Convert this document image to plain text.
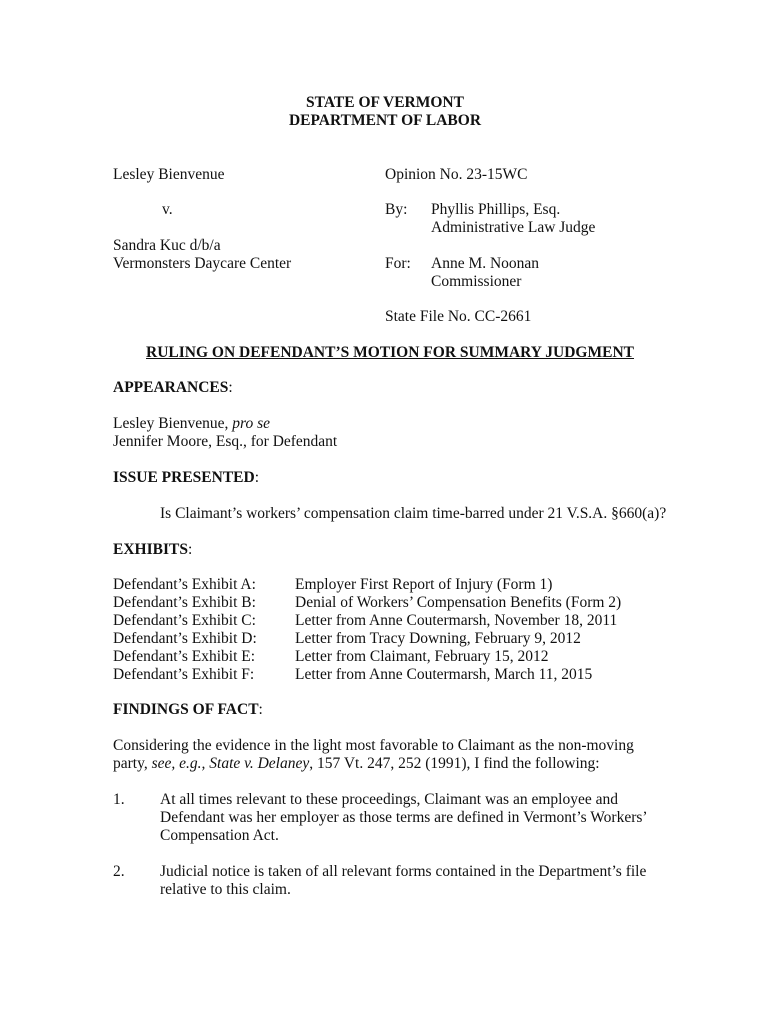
STATE OF VERMONT
DEPARTMENT OF LABOR
Lesley Bienvenue
v.
Sandra Kuc d/b/a
Vermonsters Daycare Center
Opinion No. 23-15WC
By: Phyllis Phillips, Esq.
Administrative Law Judge
For: Anne M. Noonan
Commissioner
State File No. CC-2661
RULING ON DEFENDANT’S MOTION FOR SUMMARY JUDGMENT
APPEARANCES:
Lesley Bienvenue, pro se
Jennifer Moore, Esq., for Defendant
ISSUE PRESENTED:
Is Claimant’s workers’ compensation claim time-barred under 21 V.S.A. §660(a)?
EXHIBITS:
Defendant’s Exhibit A:	Employer First Report of Injury (Form 1)
Defendant’s Exhibit B:	Denial of Workers’ Compensation Benefits (Form 2)
Defendant’s Exhibit C:	Letter from Anne Coutermarsh, November 18, 2011
Defendant’s Exhibit D: Letter from Tracy Downing, February 9, 2012
Defendant’s Exhibit E:	Letter from Claimant, February 15, 2012
Defendant’s Exhibit F:	Letter from Anne Coutermarsh, March 11, 2015
FINDINGS OF FACT:
Considering the evidence in the light most favorable to Claimant as the non-moving
party, see, e.g., State v. Delaney, 157 Vt. 247, 252 (1991), I find the following:
1. At all times relevant to these proceedings, Claimant was an employee and
Defendant was her employer as those terms are defined in Vermont’s Workers’
Compensation Act.
2. Judicial notice is taken of all relevant forms contained in the Department’s file
relative to this claim.
